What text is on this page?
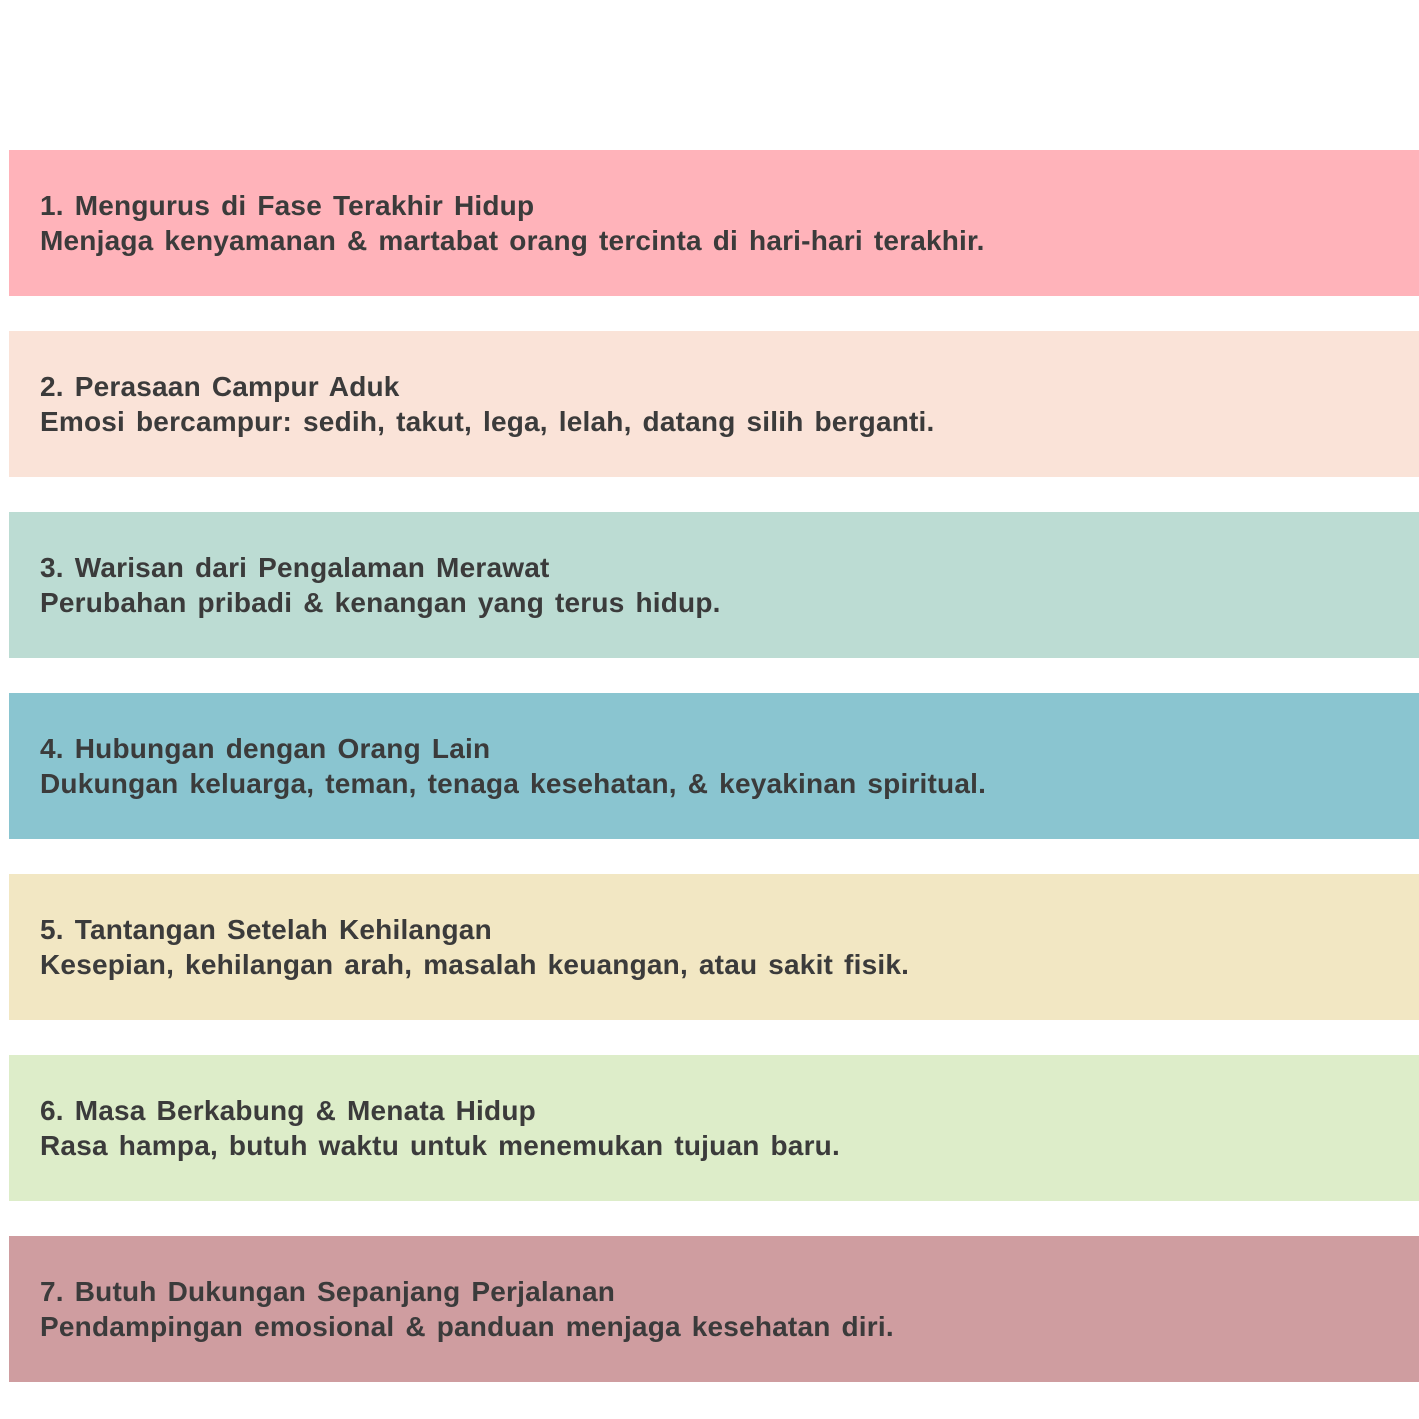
1. Mengurus di Fase Terakhir Hidup
Menjaga kenyamanan & martabat orang tercinta di hari-hari terakhir.
2. Perasaan Campur Aduk
Emosi bercampur: sedih, takut, lega, lelah, datang silih berganti.
3. Warisan dari Pengalaman Merawat
Perubahan pribadi & kenangan yang terus hidup.
4. Hubungan dengan Orang Lain
Dukungan keluarga, teman, tenaga kesehatan, & keyakinan spiritual.
5. Tantangan Setelah Kehilangan
Kesepian, kehilangan arah, masalah keuangan, atau sakit fisik.
6. Masa Berkabung & Menata Hidup
Rasa hampa, butuh waktu untuk menemukan tujuan baru.
7. Butuh Dukungan Sepanjang Perjalanan
Pendampingan emosional & panduan menjaga kesehatan diri.
